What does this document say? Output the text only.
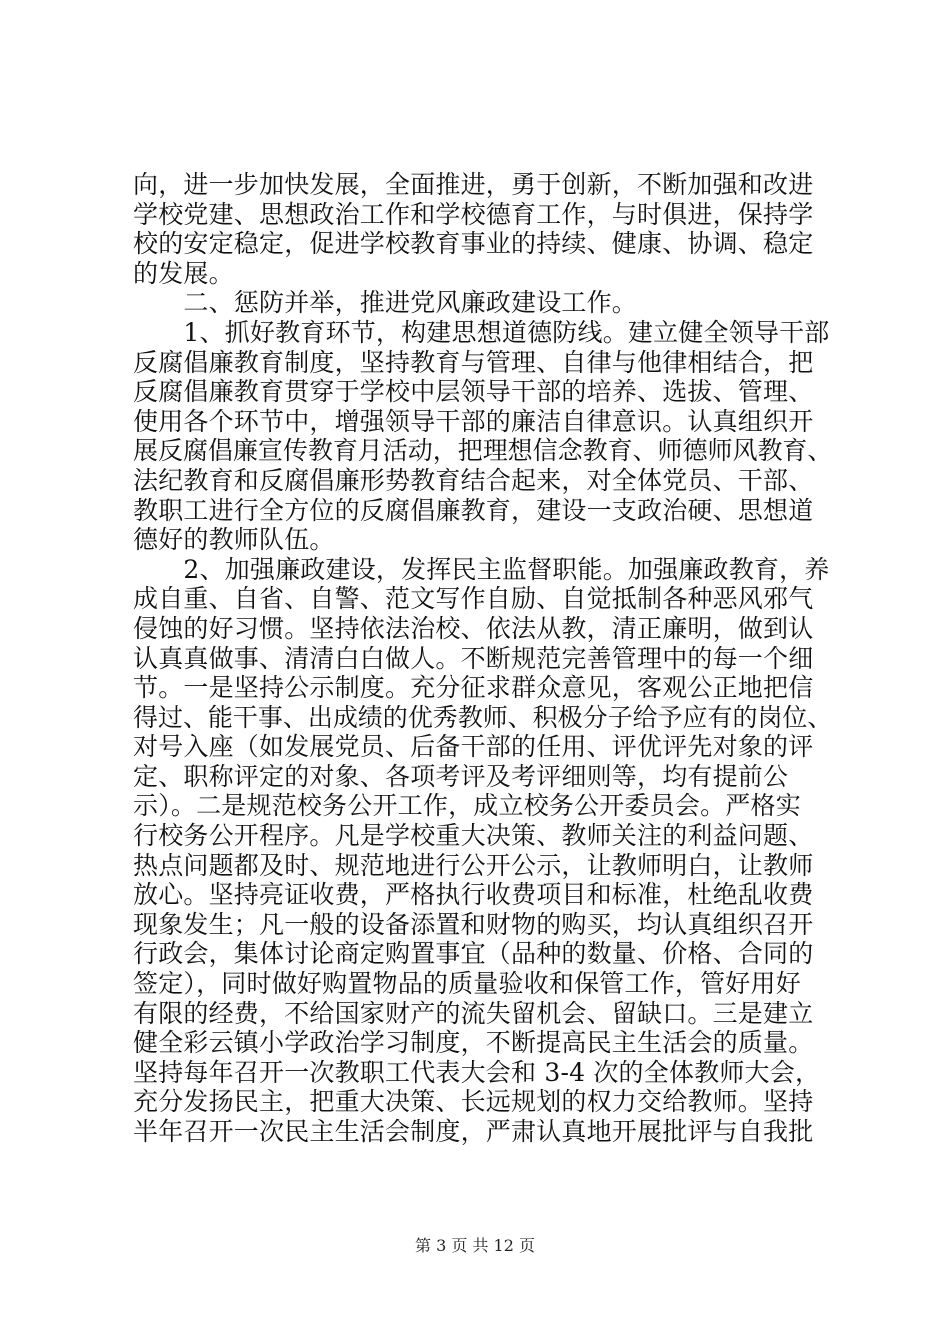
向，进一步加快发展，全面推进，勇于创新，不断加强和改进
学校党建、思想政治工作和学校德育工作，与时俱进，保持学
校的安定稳定，促进学校教育事业的持续、健康、协调、稳定
的发展。
　　二、惩防并举，推进党风廉政建设工作。
　　1、抓好教育环节，构建思想道德防线。建立健全领导干部
反腐倡廉教育制度，坚持教育与管理、自律与他律相结合，把
反腐倡廉教育贯穿于学校中层领导干部的培养、选拔、管理、
使用各个环节中，增强领导干部的廉洁自律意识。认真组织开
展反腐倡廉宣传教育月活动，把理想信念教育、师德师风教育、
法纪教育和反腐倡廉形势教育结合起来，对全体党员、干部、
教职工进行全方位的反腐倡廉教育，建设一支政治硬、思想道
德好的教师队伍。
　　2、加强廉政建设，发挥民主监督职能。加强廉政教育，养
成自重、自省、自警、范文写作自励、自觉抵制各种恶风邪气
侵蚀的好习惯。坚持依法治校、依法从教，清正廉明，做到认
认真真做事、清清白白做人。不断规范完善管理中的每一个细
节。一是坚持公示制度。充分征求群众意见，客观公正地把信
得过、能干事、出成绩的优秀教师、积极分子给予应有的岗位、
对号入座（如发展党员、后备干部的任用、评优评先对象的评
定、职称评定的对象、各项考评及考评细则等，均有提前公
示）。二是规范校务公开工作，成立校务公开委员会。严格实
行校务公开程序。凡是学校重大决策、教师关注的利益问题、
热点问题都及时、规范地进行公开公示，让教师明白，让教师
放心。坚持亮证收费，严格执行收费项目和标准，杜绝乱收费
现象发生；凡一般的设备添置和财物的购买，均认真组织召开
行政会，集体讨论商定购置事宜（品种的数量、价格、合同的
签定），同时做好购置物品的质量验收和保管工作，管好用好
有限的经费，不给国家财产的流失留机会、留缺口。三是建立
健全彩云镇小学政治学习制度，不断提高民主生活会的质量。
坚持每年召开一次教职工代表大会和 3-4 次的全体教师大会，
充分发扬民主，把重大决策、长远规划的权力交给教师。坚持
半年召开一次民主生活会制度，严肃认真地开展批评与自我批
第 3 页 共 12 页
